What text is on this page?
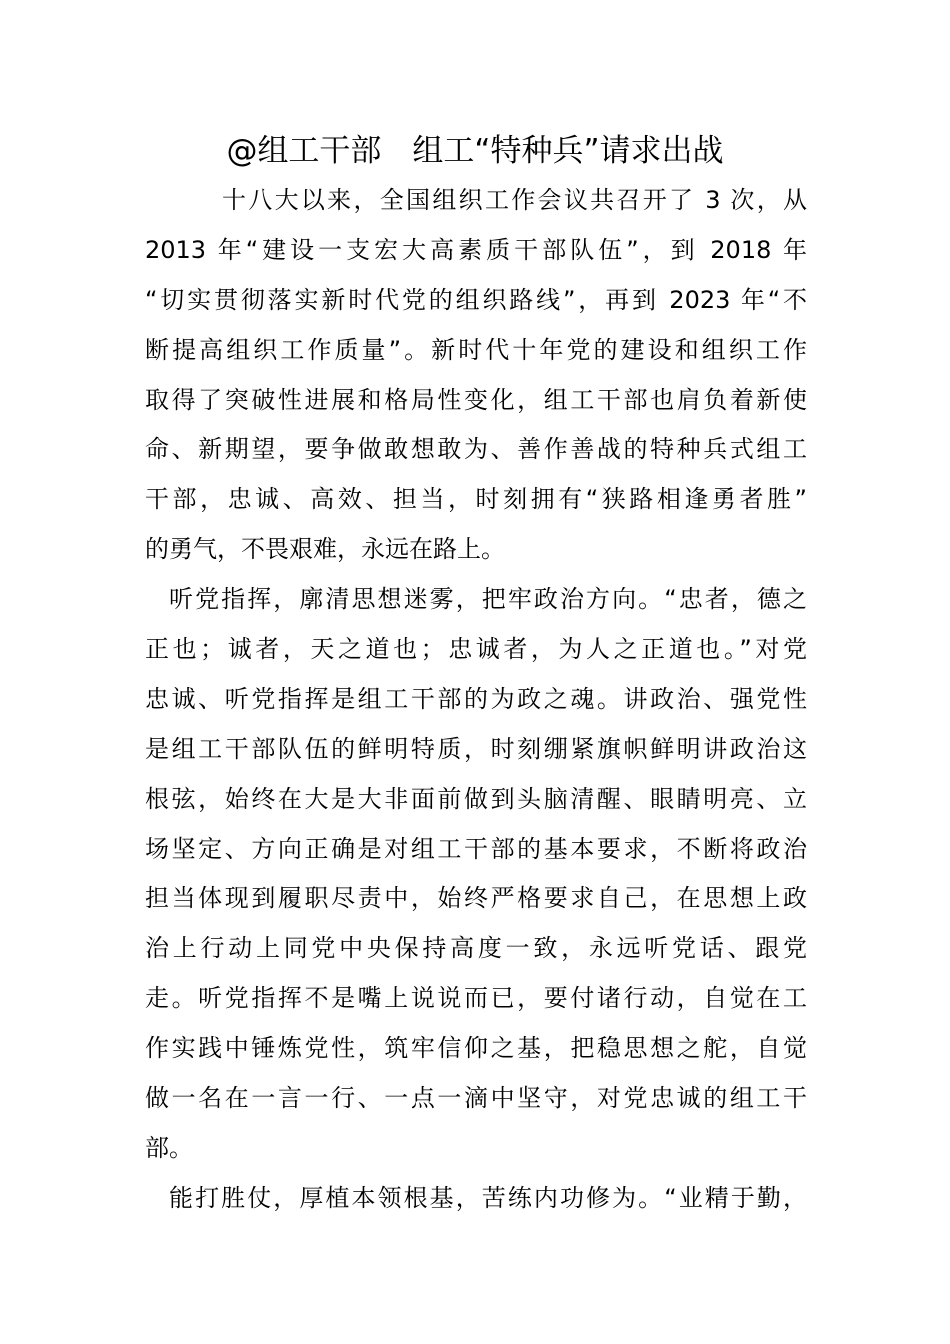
@组工干部　组工“特种兵”请求出战
十八大以来，全国组织工作会议共召开了 3 次，从
2013 年“建设一支宏大高素质干部队伍”，到 2018 年
“切实贯彻落实新时代党的组织路线”，再到 2023 年“不
断提高组织工作质量”。新时代十年党的建设和组织工作
取得了突破性进展和格局性变化，组工干部也肩负着新使
命、新期望，要争做敢想敢为、善作善战的特种兵式组工
干部，忠诚、高效、担当，时刻拥有“狭路相逢勇者胜”
的勇气，不畏艰难，永远在路上。
听党指挥，廓清思想迷雾，把牢政治方向。“忠者，德之
正也；诚者，天之道也；忠诚者，为人之正道也。”对党
忠诚、听党指挥是组工干部的为政之魂。讲政治、强党性
是组工干部队伍的鲜明特质，时刻绷紧旗帜鲜明讲政治这
根弦，始终在大是大非面前做到头脑清醒、眼睛明亮、立
场坚定、方向正确是对组工干部的基本要求，不断将政治
担当体现到履职尽责中，始终严格要求自己，在思想上政
治上行动上同党中央保持高度一致，永远听党话、跟党
走。听党指挥不是嘴上说说而已，要付诸行动，自觉在工
作实践中锤炼党性，筑牢信仰之基，把稳思想之舵，自觉
做一名在一言一行、一点一滴中坚守，对党忠诚的组工干
部。
能打胜仗，厚植本领根基，苦练内功修为。“业精于勤，
